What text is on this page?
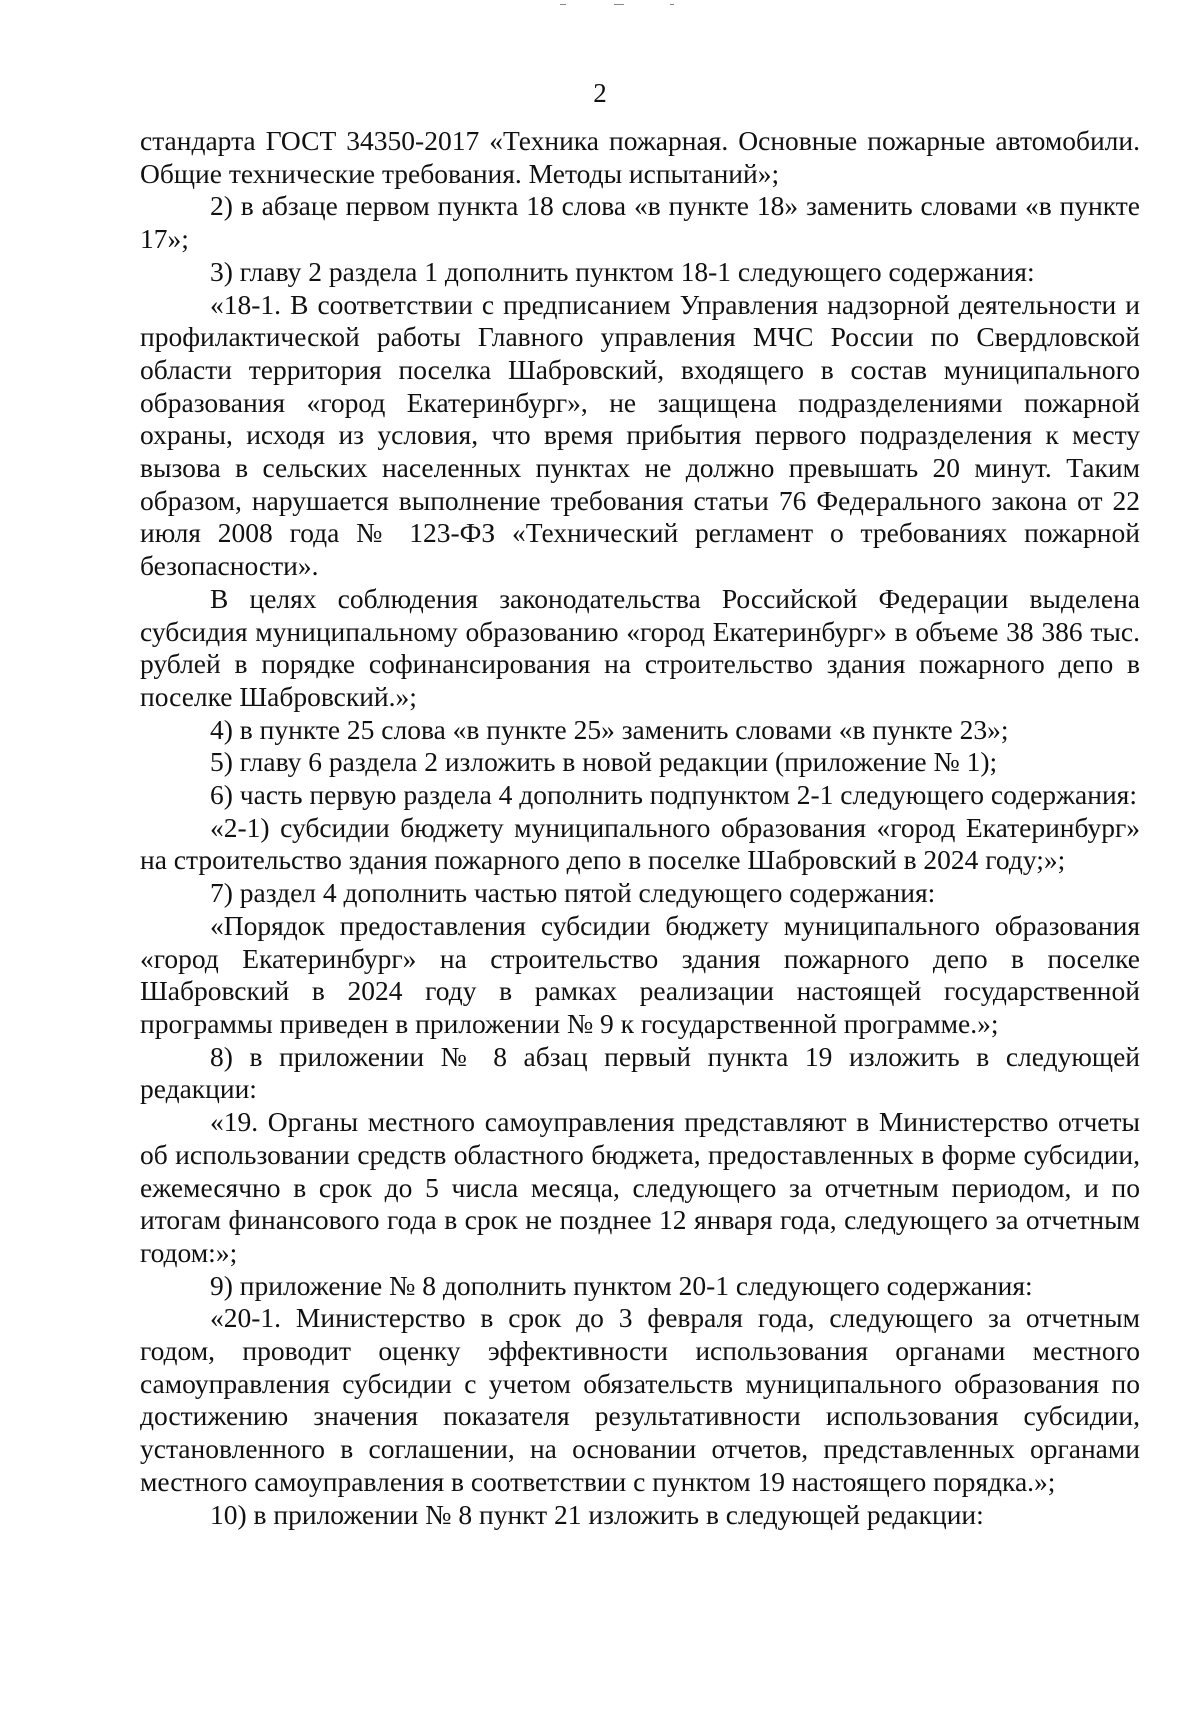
2

стандарта ГОСТ 34350-2017 «Техника пожарная. Основные пожарные автомобили. Общие технические требования. Методы испытаний»;

2) в абзаце первом пункта 18 слова «в пункте 18» заменить словами «в пункте 17»;

3) главу 2 раздела 1 дополнить пунктом 18-1 следующего содержания:

«18-1. В соответствии с предписанием Управления надзорной деятельности и профилактической работы Главного управления МЧС России по Свердловской области территория поселка Шабровский, входящего в состав муниципального образования «город Екатеринбург», не защищена подразделениями пожарной охраны, исходя из условия, что время прибытия первого подразделения к месту вызова в сельских населенных пунктах не должно превышать 20 минут. Таким образом, нарушается выполнение требования статьи 76 Федерального закона от 22 июля 2008 года № 123-ФЗ «Технический регламент о требованиях пожарной безопасности».

В целях соблюдения законодательства Российской Федерации выделена субсидия муниципальному образованию «город Екатеринбург» в объеме 38 386 тыс. рублей в порядке софинансирования на строительство здания пожарного депо в поселке Шабровский.»;

4) в пункте 25 слова «в пункте 25» заменить словами «в пункте 23»;

5) главу 6 раздела 2 изложить в новой редакции (приложение № 1);

6) часть первую раздела 4 дополнить подпунктом 2-1 следующего содержания:

«2-1) субсидии бюджету муниципального образования «город Екатеринбург» на строительство здания пожарного депо в поселке Шабровский в 2024 году;»;

7) раздел 4 дополнить частью пятой следующего содержания:

«Порядок предоставления субсидии бюджету муниципального образования «город Екатеринбург» на строительство здания пожарного депо в поселке Шабровский в 2024 году в рамках реализации настоящей государственной программы приведен в приложении № 9 к государственной программе.»;

8) в приложении № 8 абзац первый пункта 19 изложить в следующей редакции:

«19. Органы местного самоуправления представляют в Министерство отчеты об использовании средств областного бюджета, предоставленных в форме субсидии, ежемесячно в срок до 5 числа месяца, следующего за отчетным периодом, и по итогам финансового года в срок не позднее 12 января года, следующего за отчетным годом:»;

9) приложение № 8 дополнить пунктом 20-1 следующего содержания:

«20-1. Министерство в срок до 3 февраля года, следующего за отчетным годом, проводит оценку эффективности использования органами местного самоуправления субсидии с учетом обязательств муниципального образования по достижению значения показателя результативности использования субсидии, установленного в соглашении, на основании отчетов, представленных органами местного самоуправления в соответствии с пунктом 19 настоящего порядка.»;

10) в приложении № 8 пункт 21 изложить в следующей редакции:
